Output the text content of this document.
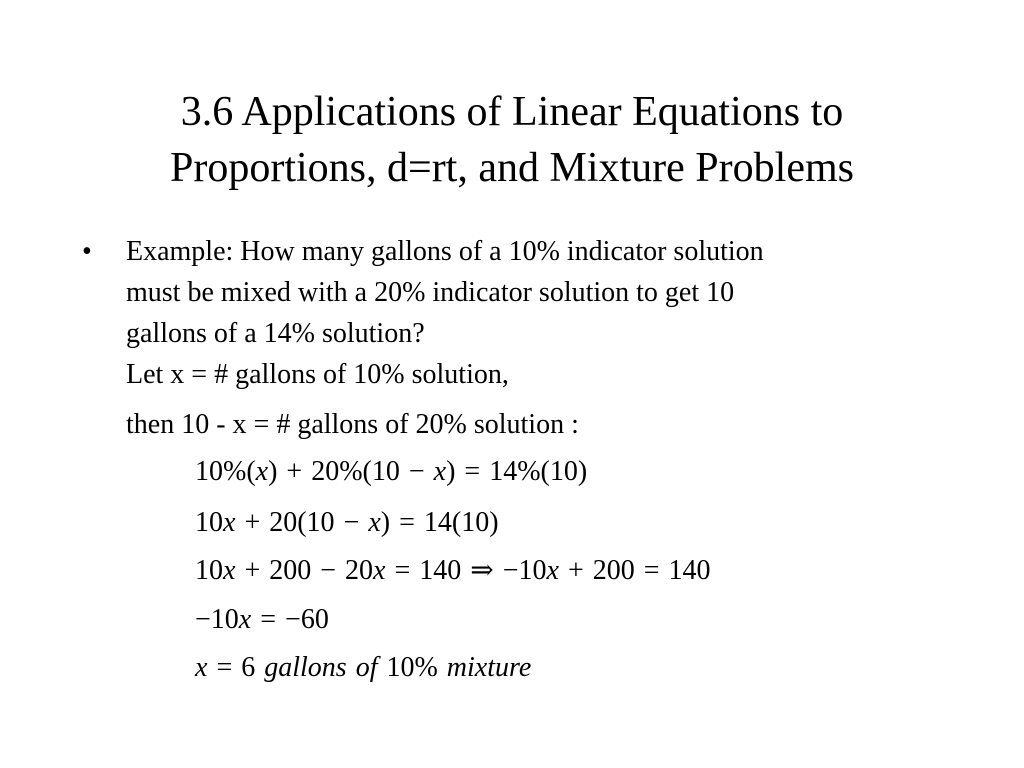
3.6 Applications of Linear Equations to
Proportions, d=rt, and Mixture Problems
• Example: How many gallons of a 10% indicator solution
must be mixed with a 20% indicator solution to get 10
gallons of a 14% solution?
Let x = # gallons of 10% solution,
then 10 - x = # gallons of 20% solution :
10%(x) + 20%(10 − x) = 14%(10)
10x + 20(10 − x) = 14(10)
10x + 200 − 20x = 140 ⇒ −10x + 200 = 140
−10x = −60
x = 6 gallons of 10% mixture
